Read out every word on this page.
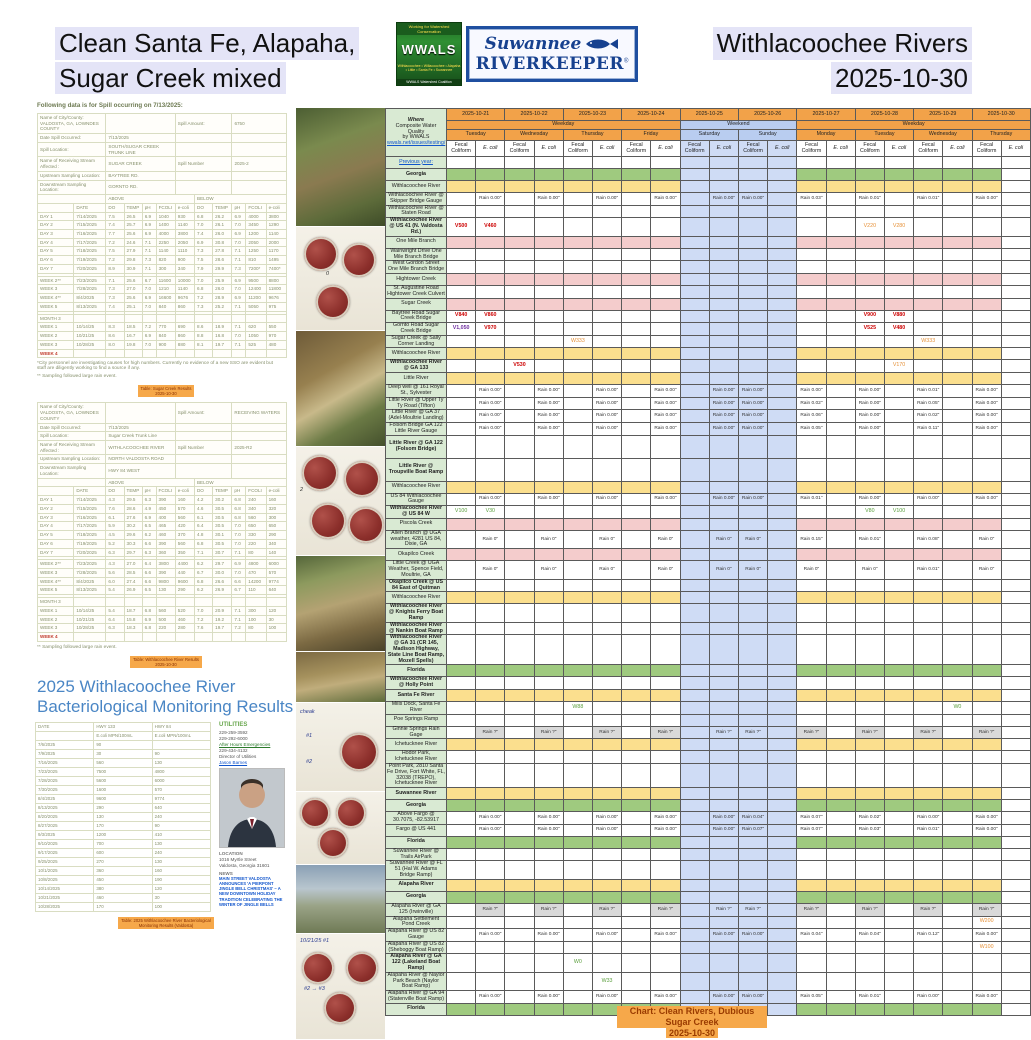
Clean Santa Fe, Alapaha,
Sugar Creek mixed
Withlacoochee Rivers
2025-10-30
Working for Watershed Conservation
WWALS
Withlacoochee • Willacoochee • Alapaha • Little • Santa Fe • Suwannee
WWALS Watershed Coalition
Suwannee
RIVERKEEPER®
Following data is for Spill occurring on 7/13/2025:
Name of City/County: VALDOSTA, GA, LOWNDES COUNTY						Spill Amount:			6750		
Date Spill Occurred:		7/13/2025									
Spill Location:		SOUTH/SUGAR CREEK TRUNK LINE									
Name of Receiving Stream Affected :		SUGAR CREEK				Spill Number			2025-2		
Upstream Sampling Location:		BAYTREE RD.									
Downstream Sampling Location:		GORNTO RD.									
		ABOVE					BELOW				
	DATE	DO	TEMP	pH	FCOLI	e-coli	DO	TEMP	pH	FCOLI	e-coli
DAY 1	7/14/2025	7.5	26.5	6.9	1040	930	6.8	26.2	6.9	4000	3800
DAY 2	7/15/2025	7.4	25.7	6.9	1400	1140	7.0	26.1	7.0	3450	1290
DAY 3	7/16/2025	7.7	25.6	6.9	4000	3800	7.4	26.0	6.9	1200	1140
DAY 4	7/17/2025	7.2	24.6	7.1	2250	2050	6.9	30.8	7.0	2050	2000
DAY 5	7/18/2025	7.5	27.9	7.1	1140	1110	7.3	27.8	7.1	1250	1170
DAY 6	7/19/2025	7.2	29.8	7.3	820	900	7.5	28.6	7.1	810	1495
DAY 7	7/20/2025	8.9	30.9	7.1	300	340	7.9	29.9	7.3	7200*	7400*

WEEK 2**	7/23/2025	7.1	25.6	6.7	11600	10000	7.0	25.9	6.9	9500	8800
WEEK 3	7/28/2025	7.3	27.0	7.0	1210	1140	6.8	26.0	7.0	12400	11800
WEEK 4**	8/4/2025	7.3	25.6	6.9	16600	9676	7.2	28.9	6.9	11200	9676
WEEK 5	8/13/2025	7.4	25.1	7.0	840	860	7.3	25.2	7.1	5050	975

MONTH 3											
WEEK 1	10/14/25	8.3	18.5	7.2	770	690	8.6	18.9	7.1	620	550
WEEK 2	10/21/25	8.6	16.7	6.9	840	860	8.8	16.8	7.0	1050	970
WEEK 3	10/28/25	8.0	19.8	7.0	900	880	8.1	19.7	7.1	525	480
WEEK 4											
*City personnel are investigating causes for high numbers. Currently no evidence of a new SSO are evident but staff are diligently working to find a source if any.
** Sampling followed large rain event.
Table: Sugar Creek Results
2025-10-30
Name of City/County: VALDOSTA, GA, LOWNDES COUNTY						Spill Amount:			RECEIVING WATERS		
Date Spill Occurred:		7/13/2025									
Spill Location:		Sugar Creek Trunk Line									
Name of Receiving Stream Affected :		WITHLACOOCHEE RIVER				Spill Number			2025-R2		
Upstream Sampling Location:		NORTH VALDOSTA ROAD									
Downstream Sampling Location:		HWY 84 WEST									
		ABOVE					BELOW				
	DATE	DO	TEMP	pH	FCOLI	e-coli	DO	TEMP	pH	FCOLI	e-coli
DAY 1	7/14/2025	4.3	29.5	6.3	390	160	4.2	30.2	6.8	240	160
DAY 2	7/15/2025	7.6	28.6	4.9	450	570	4.6	30.5	6.8	340	320
DAY 3	7/16/2025	6.1	27.6	6.9	400	560	6.1	30.5	6.8	560	300
DAY 4	7/17/2025	5.9	30.2	6.5	465	420	6.4	30.5	7.0	650	650
DAY 5	7/18/2025	4.5	29.6	6.2	460	370	4.8	30.1	7.0	330	290
DAY 6	7/19/2025	5.2	30.3	6.6	390	560	6.8	30.5	7.0	220	340
DAY 7	7/20/2025	6.3	29.7	6.3	360	350	7.1	30.7	7.1	80	140

WEEK 2**	7/23/2025	4.3	27.0	6.4	3800	4400	6.2	29.7	6.9	4800	6000
WEEK 3	7/28/2025	5.6	28.5	6.6	390	440	6.7	30.0	7.0	470	570
WEEK 4**	8/4/2025	6.0	27.4	6.6	9800	9600	6.8	26.6	6.6	14200	9774
WEEK 5	8/13/2025	5.4	26.9	6.5	130	290	6.2	26.9	6.7	110	640

MONTH 3											
WEEK 1	10/14/25	5.4	18.7	6.8	560	520	7.0	20.9	7.1	300	120
WEEK 2	10/21/25	6.4	15.8	6.9	500	460	7.2	19.2	7.1	100	30
WEEK 3	10/28/25	6.3	18.3	6.8	220	280	7.6	19.7	7.2	80	100
WEEK 4											
** Sampling followed large rain event.
Table: Withlacoochee River Results
2025-10-30
2025 Withlacoochee River Bacteriological Monitoring Results
DATE	HWY 133	HWY 84
	E.coli MPN/100mL	E.coli MPN/100mL
7/6/2025	90	
7/9/2025	30	90
7/16/2025	560	130
7/23/2025	7500	4800
7/28/2025	5600	6000
7/30/2025	1600	570
8/4/2025	9600	9774
8/13/2025	290	640
8/20/2025	130	240
8/27/2025	170	90
9/3/2025	1200	410
9/10/2025	700	130
9/17/2025	600	240
9/25/2025	270	130
10/1/2025	360	160
10/8/2025	450	190
10/14/2025	380	120
10/21/2025	460	30
10/28/2025	170	100
UTILITIES
229-259-3592
229-292-6000
After Hours Emergencies
229-434-4132
Director of Utilities
Jason Barnes
LOCATION
1016 Myrtle Street
Valdosta, Georgia 31601
NEWS
MAIN STREET VALDOSTA ANNOUNCES 'A PIERPONT JINGLE BELL CHRISTMAS' – A NEW DOWNTOWN HOLIDAY TRADITION CELEBRATING THE WINTER OF JINGLE BELLS
Table: 2025 Withlacoochee River Bacteriological
Monitoring Results (Valdosta)
0
2
cheak
#1
#2
10/21/25 #1
#2 → #3
Where
Composite Water Quality
by WWALS
wwals.net/issues/testing/	2025-10-21		2025-10-22		2025-10-23		2025-10-24		2025-10-25		2025-10-26		2025-10-27		2025-10-28		2025-10-29		2025-10-30	
	Weekday								Weekend				Weekday							
	Tuesday		Wednesday		Thursday		Friday		Saturday		Sunday		Monday		Tuesday		Wednesday		Thursday	
	Fecal
Coliform	E. coli	Fecal
Coliform	E. coli	Fecal
Coliform	E. coli	Fecal
Coliform	E. coli	Fecal
Coliform	E. coli	Fecal
Coliform	E. coli	Fecal
Coliform	E. coli	Fecal
Coliform	E. coli	Fecal
Coliform	E. coli	Fecal
Coliform	E. coli
Previous year:																				
Georgia																				
Withlacoochee River																				
Withlacoochee River @ Skipper Bridge Gauge		Rain 0.00"		Rain 0.00"		Rain 0.00"		Rain 0.00"		Rain 0.00"	Rain 0.00"		Rain 0.03"		Rain 0.01"		Rain 0.01"		Rain 0.00"	
Withlacoochee River @ Staten Road																				
Withlacoochee River @ US 41 (N. Valdosta Rd.)	V500	V460													V220	V280				
One Mile Branch																				
Wainwright Drive One Mile Branch Bridge																				
West Gordon Street One Mile Branch Bridge																				
Hightower Creek																				
St. Augustine Road Hightower Creek Culvert																				
Sugar Creek																				
Baytree Road Sugar Creek Bridge	V840	V860													V900	V880				
Gornto Road Sugar Creek Bridge	V1,050	V970													V525	V480				
Sugar Creek @ Sally Corner Landing					W333												W333			
Withlacoochee River																				
Withlacoochee River @ GA 133			V530													V170				
Little River																				
Deep well @ 161 Royal St., Sylvester		Rain 0.00"		Rain 0.00"		Rain 0.00"		Rain 0.00"		Rain 0.00"	Rain 0.00"		Rain 0.00"		Rain 0.00"		Rain 0.01"		Rain 0.00"	
Little River @ Upper Ty Ty Road (Tifton)		Rain 0.00"		Rain 0.00"		Rain 0.00"		Rain 0.00"		Rain 0.00"	Rain 0.00"		Rain 0.02"		Rain 0.00"		Rain 0.05"		Rain 0.00"	
Little River @ GA 37 (Adel-Moultrie Landing)		Rain 0.00"		Rain 0.00"		Rain 0.00"		Rain 0.00"		Rain 0.00"	Rain 0.00"		Rain 0.06"		Rain 0.00"		Rain 0.02"		Rain 0.00"	
Folsom Bridge GA 122 Little River Gauge		Rain 0.00"		Rain 0.00"		Rain 0.00"		Rain 0.00"		Rain 0.00"	Rain 0.00"		Rain 0.05"		Rain 0.00"		Rain 0.11"		Rain 0.00"	
Little River @ GA 122 (Folsom Bridge)																				
Little River @ Troupville Boat Ramp																				
Withlacoochee River																				
US 84 Withlacoochee Gauge		Rain 0.00"		Rain 0.00"		Rain 0.00"		Rain 0.00"		Rain 0.00"	Rain 0.00"		Rain 0.01"		Rain 0.00"		Rain 0.00"		Rain 0.00"	
Withlacoochee River @ US 84 W	V100	V30													V80	V100				
Piscola Creek																				
Allen Branch @ UGA weather, 4281 US 84, Dixie, GA		Rain 0"		Rain 0"		Rain 0"		Rain 0"		Rain 0"	Rain 0"		Rain 0.15"		Rain 0.01"		Rain 0.08"		Rain 0"	
Okapilco Creek																				
Little Creek @ UGA Weather, Spence Field, Moultrie, GA		Rain 0"		Rain 0"		Rain 0"		Rain 0"		Rain 0"	Rain 0"		Rain 0"		Rain 0"		Rain 0.01"		Rain 0"	
Okapilco Creek @ US 84 East of Quitman																				
Withlacoochee River																				
Withlacoochee River @ Knights Ferry Boat Ramp																				
Withlacoochee River @ Nankin Boat Ramp																				
Withlacoochee River @ GA 31 (CR 145, Madison Highway, State Line Boat Ramp, Mozell Spells)																				
Florida																				
Withlacoochee River @ Holly Point																				
Santa Fe River																				
Mills Dock, Santa Fe River					W88													W0		
Poe Springs Ramp																				
Ginnie Springs Rain Gage		Rain ?"		Rain ?"		Rain ?"		Rain ?"		Rain ?"	Rain ?"		Rain ?"		Rain ?"		Rain ?"		Rain ?"	
Ichetucknee River																				
Hodor Park, Ichetucknee River																				
Point Park, 2810 Santa Fe Drive, Fort White, FL, 32038 (TREPO), Ichetucknee River																				
Suwannee River																				
Georgia																				
Above Fargo @ 30.7075, -82.53917		Rain 0.00"		Rain 0.00"		Rain 0.00"		Rain 0.00"		Rain 0.00"	Rain 0.04"		Rain 0.07"		Rain 0.02"		Rain 0.00"		Rain 0.00"	
Fargo @ US 441		Rain 0.00"		Rain 0.00"		Rain 0.00"		Rain 0.00"		Rain 0.00"	Rain 0.07"		Rain 0.07"		Rain 0.03"		Rain 0.01"		Rain 0.00"	
Florida																				
Suwannee River @ Trails AirPark																				
Suwannee River @ FL 51 (Hal W. Adams Bridge Ramp)																				
Alapaha River																				
Georgia																				
Alapaha River @ GA 125 (Irwinville)		Rain ?"		Rain ?"		Rain ?"		Rain ?"		Rain ?"	Rain ?"		Rain ?"		Rain ?"		Rain ?"		Rain ?"	
Alapaha Settlement Pond Creek																			W200	
Alapaha River @ US 82 Gauge		Rain 0.00"		Rain 0.00"		Rain 0.00"		Rain 0.00"		Rain 0.00"	Rain 0.00"		Rain 0.04"		Rain 0.04"		Rain 0.12"		Rain 0.00"	
Alapaha River @ US 82 (Sheboggy Boat Ramp)																			W100	
Alapaha River @ GA 122 (Lakeland Boat Ramp)					W0															
Alapaha River @ Naylor Park Beach (Naylor Boat Ramp)						W33														
Alapaha River @ GA 94 (Statenville Boat Ramp)		Rain 0.00"		Rain 0.00"		Rain 0.00"		Rain 0.00"		Rain 0.00"	Rain 0.00"		Rain 0.05"		Rain 0.01"		Rain 0.00"		Rain 0.00"	
Florida																					Chart: Clean Rivers, Dubious Sugar Creek
2025-10-30
